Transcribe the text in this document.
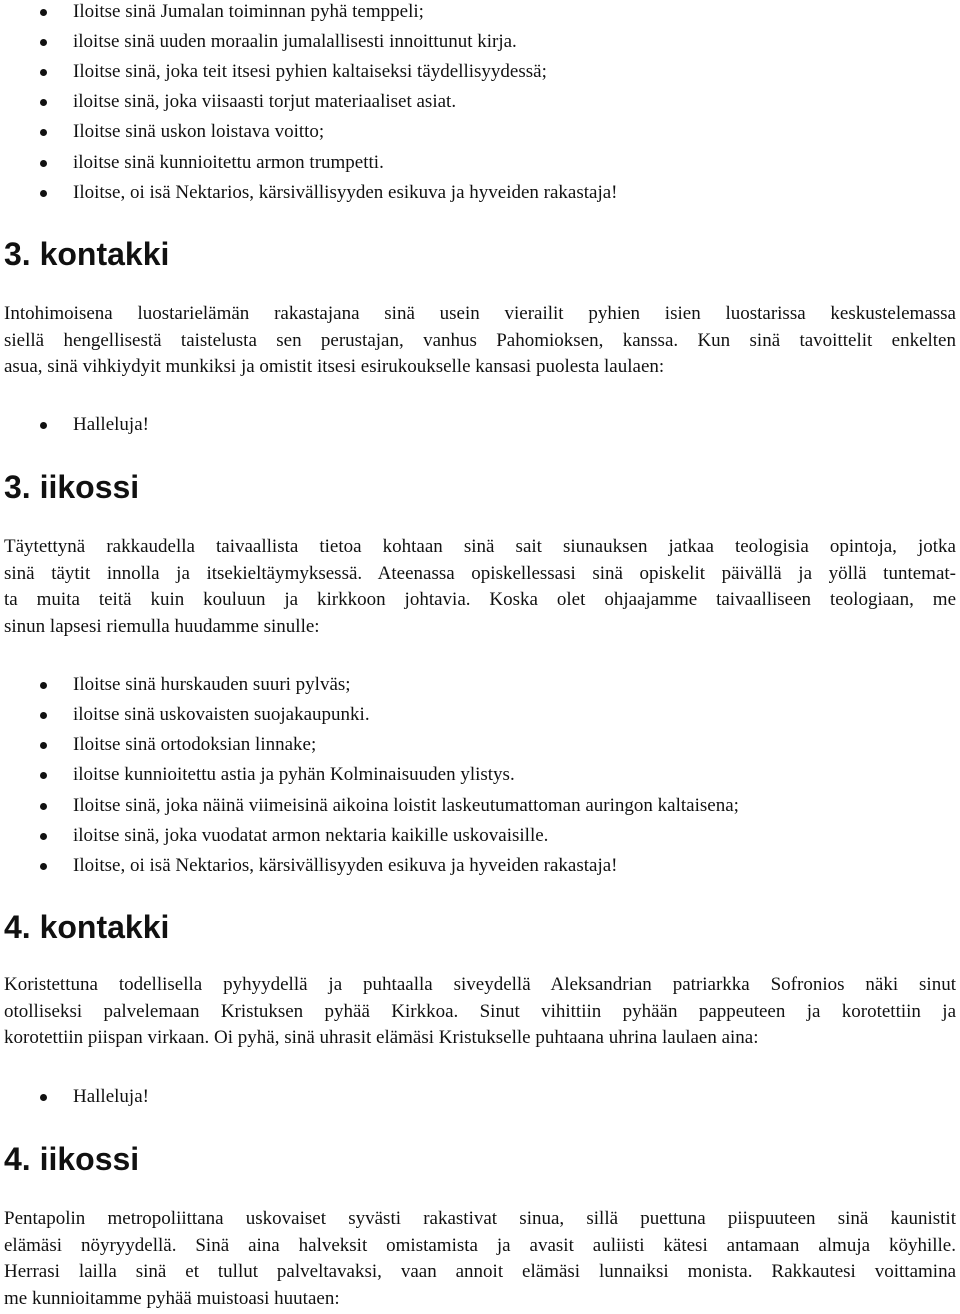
Iloitse sinä Jumalan toiminnan pyhä temppeli;
iloitse sinä uuden moraalin jumalallisesti innoittunut kirja.
Iloitse sinä, joka teit itsesi pyhien kaltaiseksi täydellisyydessä;
iloitse sinä, joka viisaasti torjut materiaaliset asiat.
Iloitse sinä uskon loistava voitto;
iloitse sinä kunnioitettu armon trumpetti.
Iloitse, oi isä Nektarios, kärsivällisyyden esikuva ja hyveiden rakastaja!
3. kontakki
Intohimoisena luostarielämän rakastajana sinä usein vierailit pyhien isien luostarissa keskustelemassa
siellä hengellisestä taistelusta sen perustajan, vanhus Pahomioksen, kanssa. Kun sinä tavoittelit enkelten
asua, sinä vihkiydyit munkiksi ja omistit itsesi esirukoukselle kansasi puolesta laulaen:
Halleluja!
3. iikossi
Täytettynä rakkaudella taivaallista tietoa kohtaan sinä sait siunauksen jatkaa teologisia opintoja, jotka
sinä täytit innolla ja itsekieltäymyksessä. Ateenassa opiskellessasi sinä opiskelit päivällä ja yöllä tuntemat-
ta muita teitä kuin kouluun ja kirkkoon johtavia. Koska olet ohjaajamme taivaalliseen teologiaan, me
sinun lapsesi riemulla huudamme sinulle:
Iloitse sinä hurskauden suuri pylväs;
iloitse sinä uskovaisten suojakaupunki.
Iloitse sinä ortodoksian linnake;
iloitse kunnioitettu astia ja pyhän Kolminaisuuden ylistys.
Iloitse sinä, joka näinä viimeisinä aikoina loistit laskeutumattoman auringon kaltaisena;
iloitse sinä, joka vuodatat armon nektaria kaikille uskovaisille.
Iloitse, oi isä Nektarios, kärsivällisyyden esikuva ja hyveiden rakastaja!
4. kontakki
Koristettuna todellisella pyhyydellä ja puhtaalla siveydellä Aleksandrian patriarkka Sofronios näki sinut
otolliseksi palvelemaan Kristuksen pyhää Kirkkoa. Sinut vihittiin pyhään pappeuteen ja korotettiin ja
korotettiin piispan virkaan. Oi pyhä, sinä uhrasit elämäsi Kristukselle puhtaana uhrina laulaen aina:
Halleluja!
4. iikossi
Pentapolin metropoliittana uskovaiset syvästi rakastivat sinua, sillä puettuna piispuuteen sinä kaunistit
elämäsi nöyryydellä. Sinä aina halveksit omistamista ja avasit auliisti kätesi antamaan almuja köyhille.
Herrasi lailla sinä et tullut palveltavaksi, vaan annoit elämäsi lunnaiksi monista. Rakkautesi voittamina
me kunnioitamme pyhää muistoasi huutaen:
